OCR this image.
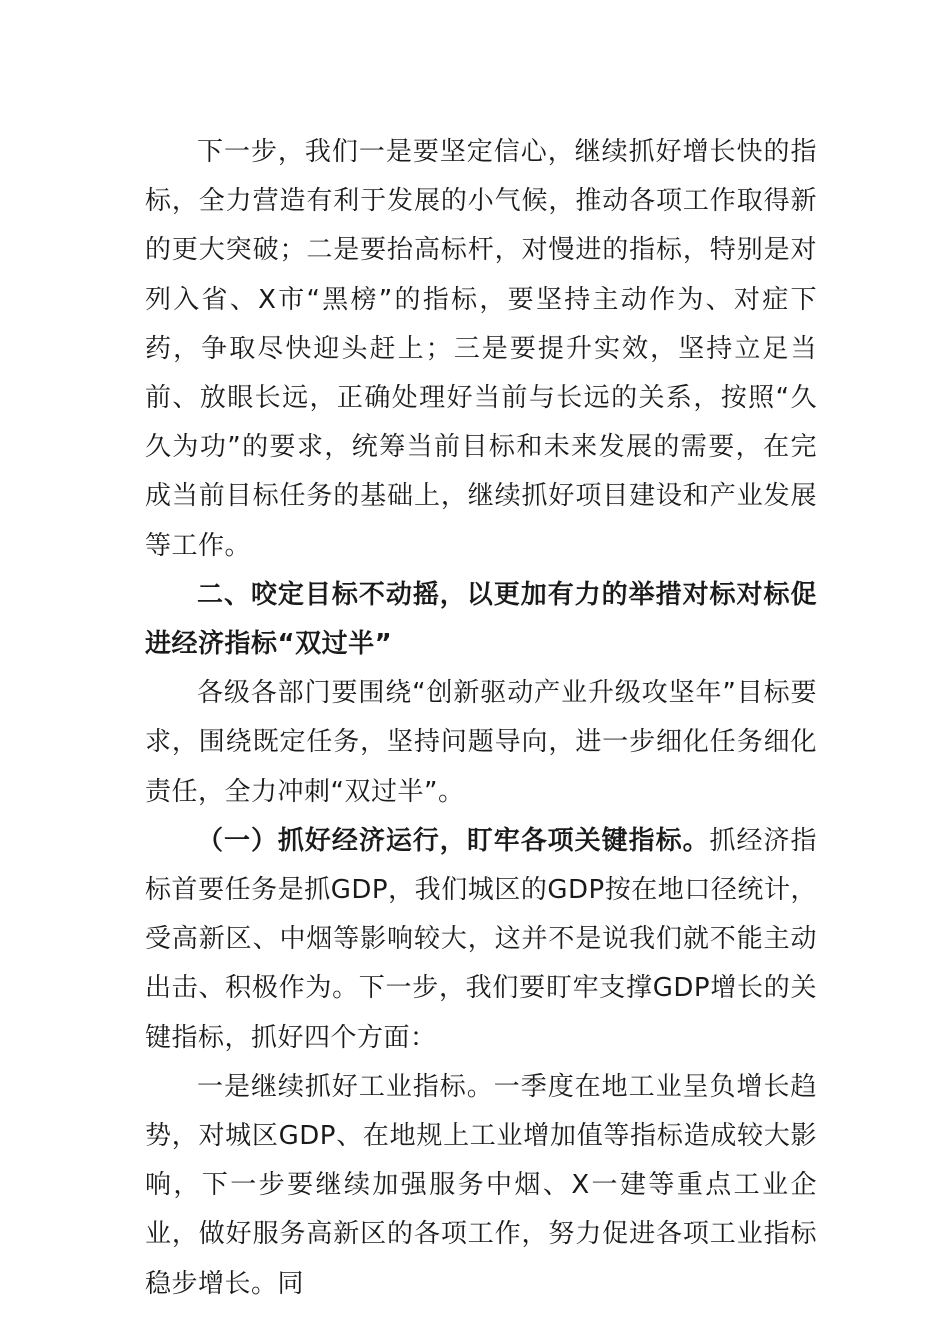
下一步，我们一是要坚定信心，继续抓好增长快的指标，全力营造有利于发展的小气候，推动各项工作取得新的更大突破；二是要抬高标杆，对慢进的指标，特别是对列入省、X市“黑榜”的指标，要坚持主动作为、对症下药，争取尽快迎头赶上；三是要提升实效，坚持立足当前、放眼长远，正确处理好当前与长远的关系，按照“久久为功”的要求，统筹当前目标和未来发展的需要，在完成当前目标任务的基础上，继续抓好项目建设和产业发展等工作。

二、咬定目标不动摇，以更加有力的举措对标对标促进经济指标“双过半”

各级各部门要围绕“创新驱动产业升级攻坚年”目标要求，围绕既定任务，坚持问题导向，进一步细化任务细化责任，全力冲刺“双过半”。

（一）抓好经济运行，盯牢各项关键指标。抓经济指标首要任务是抓GDP，我们城区的GDP按在地口径统计，受高新区、中烟等影响较大，这并不是说我们就不能主动出击、积极作为。下一步，我们要盯牢支撑GDP增长的关键指标，抓好四个方面：

一是继续抓好工业指标。一季度在地工业呈负增长趋势，对城区GDP、在地规上工业增加值等指标造成较大影响，下一步要继续加强服务中烟、X一建等重点工业企业，做好服务高新区的各项工作，努力促进各项工业指标稳步增长。同
